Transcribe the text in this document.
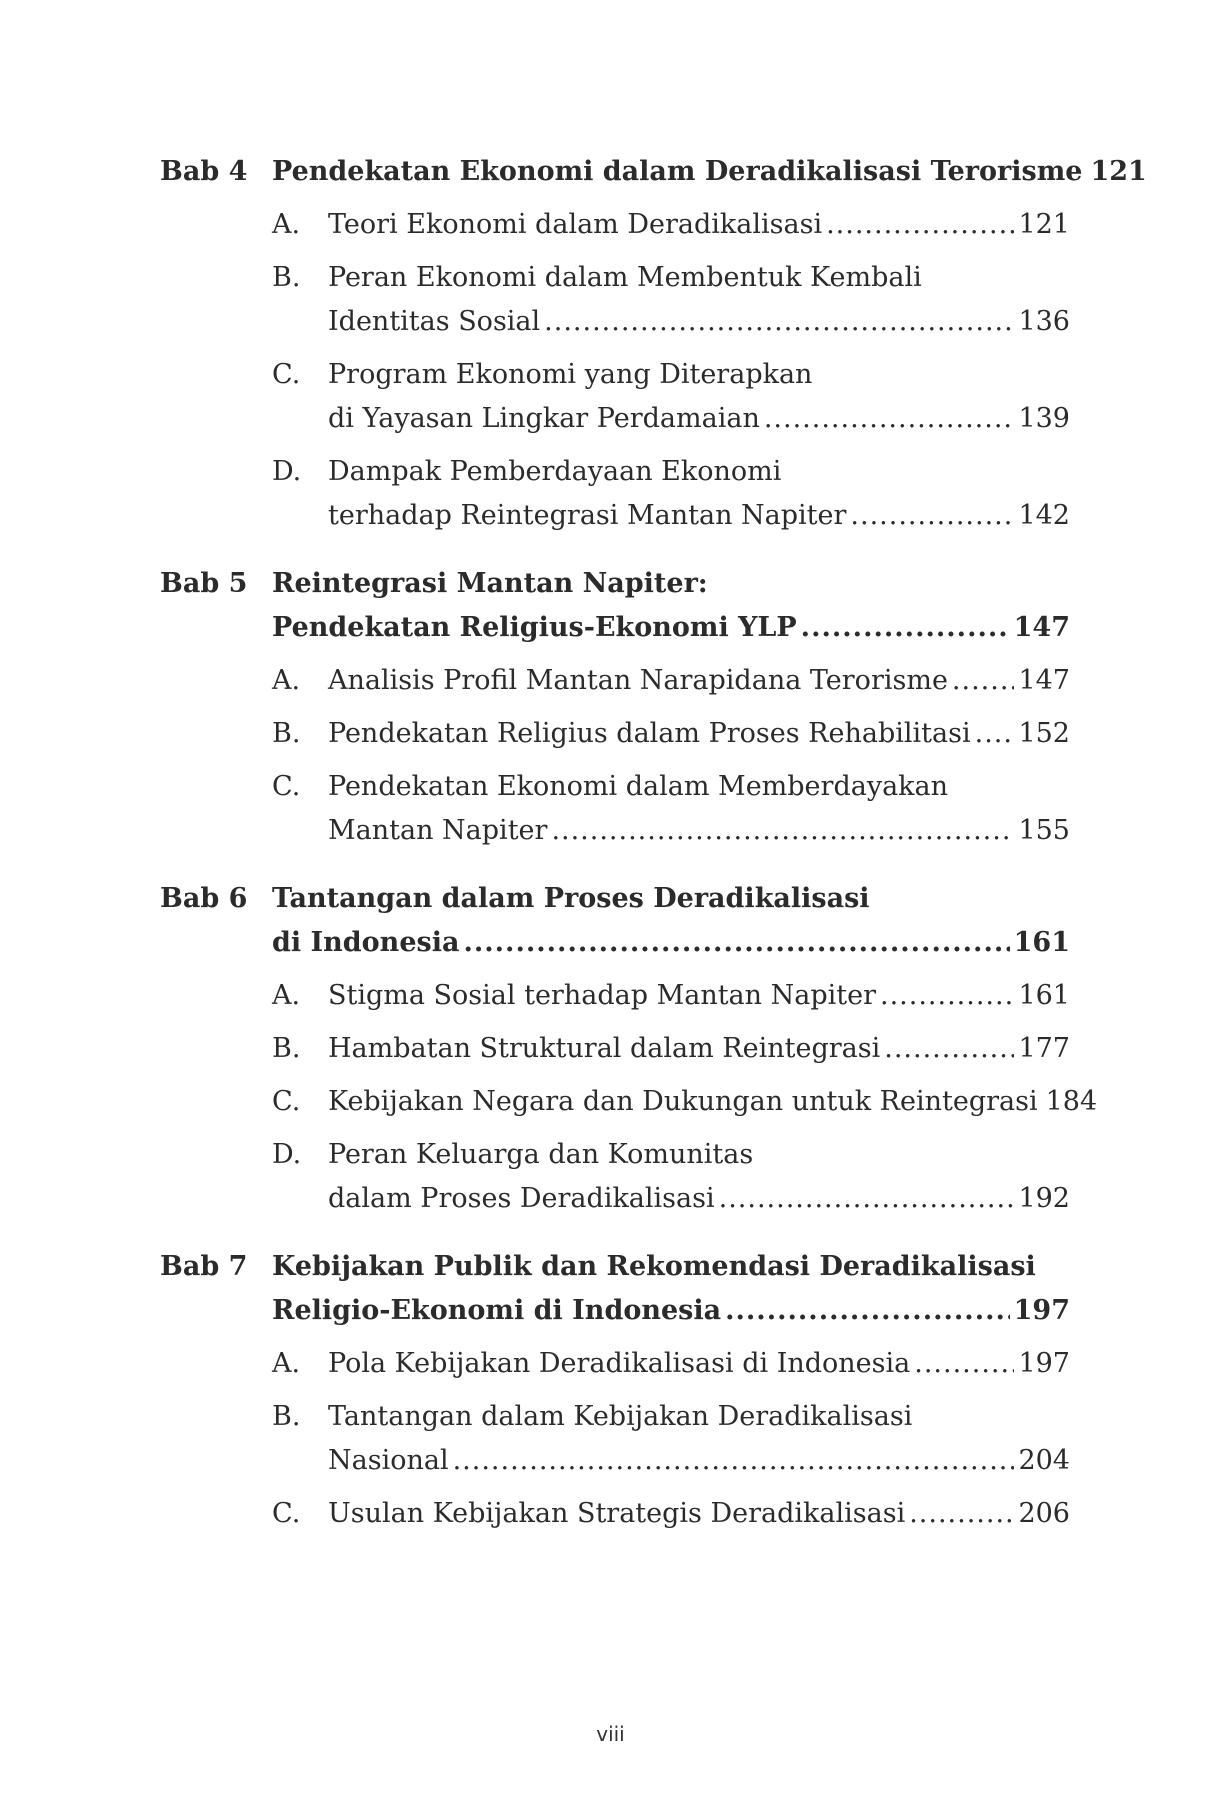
Bab 4 Pendekatan Ekonomi dalam Deradikalisasi Terorisme 121
A.	Teori Ekonomi dalam Deradikalisasi .....	121
B.	Peran Ekonomi dalam Membentuk Kembali
Identitas Sosial .....	136
C.	Program Ekonomi yang Diterapkan
di Yayasan Lingkar Perdamaian .....	139
D. Dampak Pemberdayaan Ekonomi
terhadap Reintegrasi Mantan Napiter .....	142
Bab 5 Reintegrasi Mantan Napiter:
Pendekatan Religius-Ekonomi YLP .....	147
A.	Analisis Profil Mantan Narapidana Terorisme .....	147
B.	Pendekatan Religius dalam Proses Rehabilitasi ..... 152
C.	Pendekatan Ekonomi dalam Memberdayakan
Mantan Napiter .....	155
Bab 6 Tantangan dalam Proses Deradikalisasi
di Indonesia .....	161
A.	Stigma Sosial terhadap Mantan Napiter .....	161
B.	Hambatan Struktural dalam Reintegrasi .....	177
C.	Kebijakan Negara dan Dukungan untuk Reintegrasi 184
D. Peran Keluarga dan Komunitas
dalam Proses Deradikalisasi .....	192
Bab 7 Kebijakan Publik dan Rekomendasi Deradikalisasi
Religio-Ekonomi di Indonesia .....	197
A.	Pola Kebijakan Deradikalisasi di Indonesia .....	197
B.	Tantangan dalam Kebijakan Deradikalisasi
Nasional .....	204
C.	Usulan Kebijakan Strategis Deradikalisasi .....	206
viii
